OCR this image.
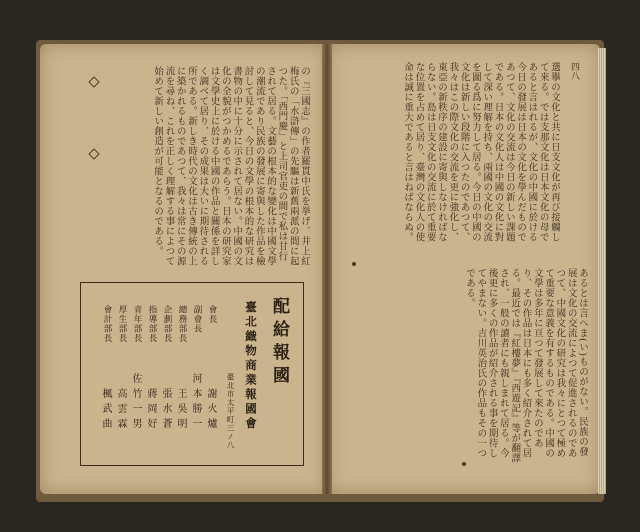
の『三國志』の作者羅貫中氏を挙げ、井上紅梅氏の「水滸傳」の先驅は新舊兩派の間に起つた。「西門慶」と上司官吏の間で私は甘行されて居る。文藝の根本的な變化は中國文學の潮流であり民族の發展に寄與した作品を檢討して見ると、今日の文學の根本的な研究は書物の中に十分に示されて居ない。中國の文化の全貌がつかめるであらう。日本の研究家は文學史上に於ける中國の作品と關係を詳しく調べて居り、その成果は大いに期待される所である。新しき時代の文化は古き傳統の上に築かれるものであつて、我々は常にその源流を尋ね、これを正しく理解する事によつて始めて新しい創造が可能となるのである。
配給報國
臺北織物商業報國會
臺北市太平町三ノ八
會長
謝火爐
副會長
河本勝一
總務部長
王吳明
企劃部長
張水蒼
指導部長
蔣岡好
青年部長
佐竹一男
厚生部長
高雲霖
會計部長
楓武曲
四八
選擧の文化と共に日支文化が再び接觸して來る。では支那文化は日本文化の母であると言はれるが、文化の中國に於ける今日の發展は日本の文化を學んだものであつて、文化の交流は今日の新しい課題である。日本の文化人は中國の文化に對して深い理解を持ち、兩國の文化の交流を圖る爲に努力して居る。今日の中國の文化は新しい段階に入つたのであつて、我々はこの際文化の交流を更に強化し、東亞の新秩序の建設に寄與しなければならない。島は日支文化の交流に於て重要な位置を占めて居り、臺灣の文化人の使命は誠に重大であると言はねばならぬ。
あるとは言へま(い)ものがない。民族の發展は文化の交流によつて促進されるのであつて、中國文化の研究は我々にとつて極めて重要な意義を有するものである。中國の文學は多年に亘つて發展して來たのであり、その作品は日本にも多く紹介されて居る。最近では『紅樓夢』『西遊記』等が翻譯され、一般の讀者にも親しまれて居る。今後更に多くの作品が紹介される事を期待してやまない。吉川英治氏の作品もその一つである。
